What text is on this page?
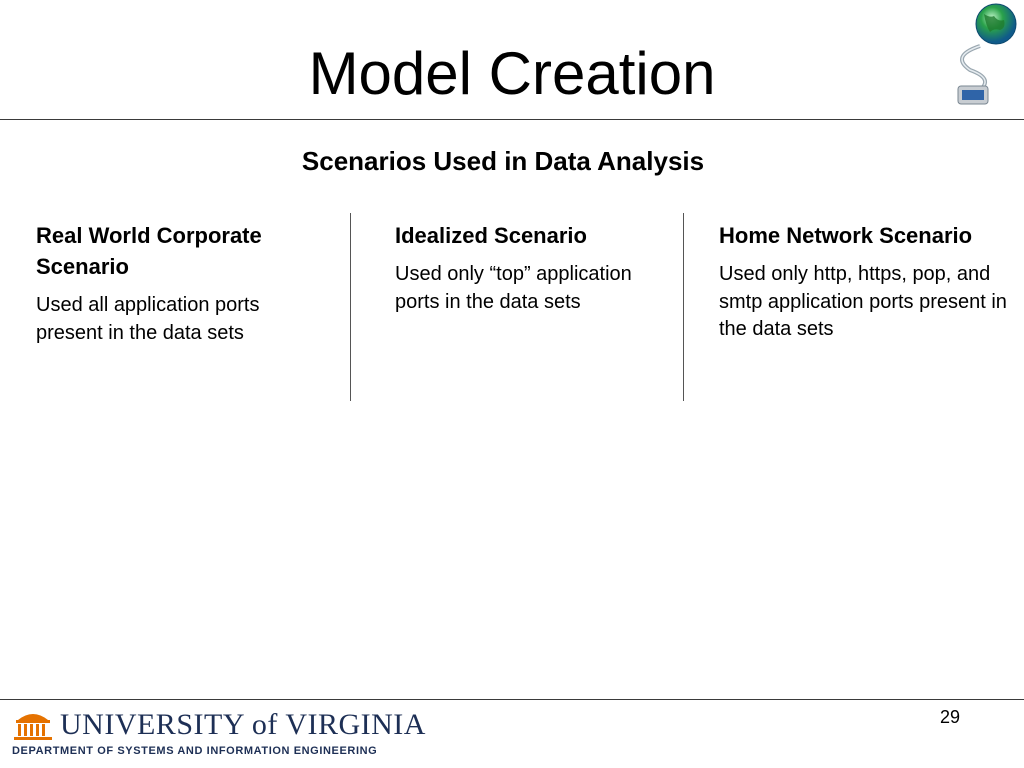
Model Creation
Scenarios Used in Data Analysis
Real World Corporate Scenario

Used all application ports present in the data sets

Idealized Scenario

Used only “top” application ports in the data sets

Home Network Scenario

Used only http, https, pop, and smtp application ports present in the data sets

UNIVERSITY of VIRGINIA
DEPARTMENT OF SYSTEMS AND INFORMATION ENGINEERING
29
